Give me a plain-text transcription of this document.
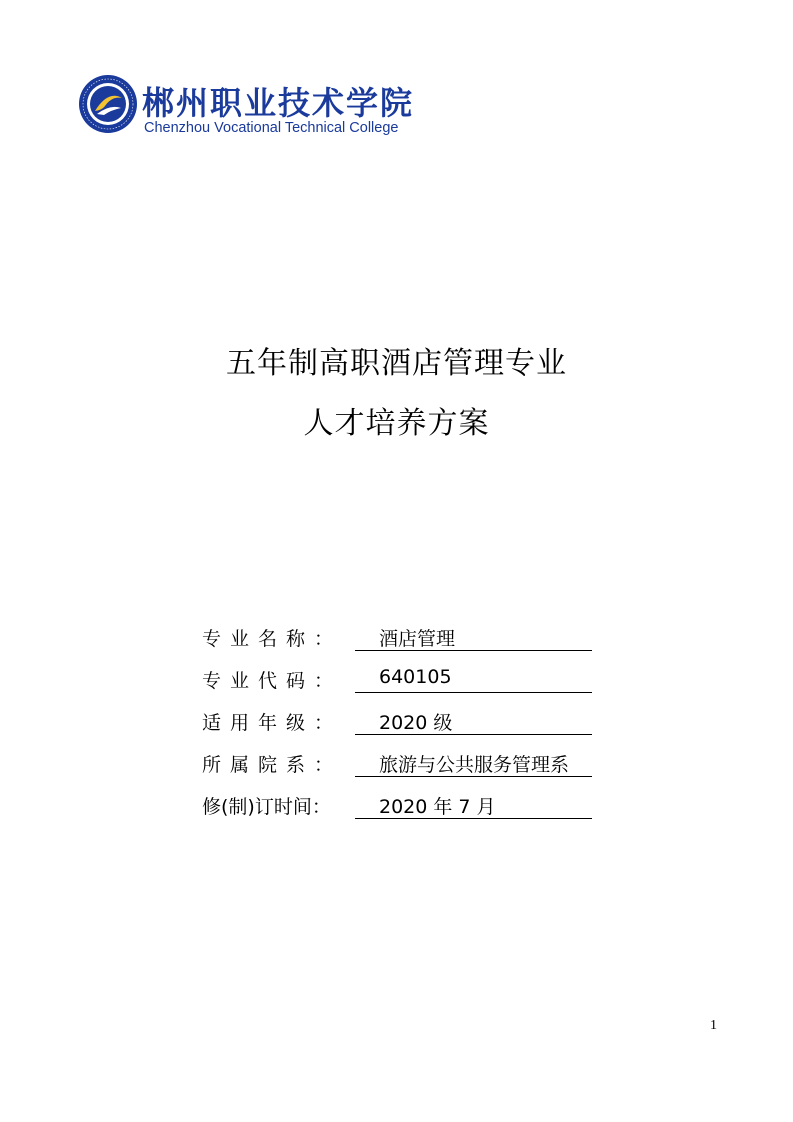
郴州职业技术学院
Chenzhou Vocational Technical College
五年制高职酒店管理专业
人才培养方案
专业名称： 酒店管理
专业代码： 640105
适用年级： 2020 级
所属院系： 旅游与公共服务管理系
修(制)订时间：	2020 年 7 月
1
